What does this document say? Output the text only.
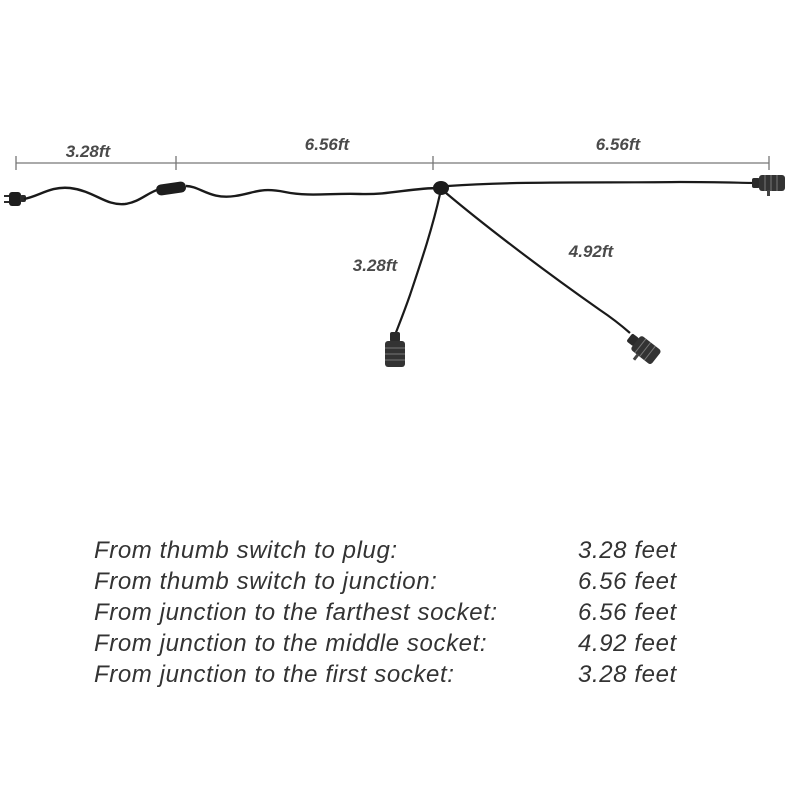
3.28ft	6.56ft	6.56ft
3.28ft
4.92ft
From thumb switch to plug:	3.28 feet
From thumb switch to junction:	6.56 feet
From junction to the farthest socket:	6.56 feet
From junction to the middle socket:	4.92 feet
From junction to the first socket:	3.28 feet
